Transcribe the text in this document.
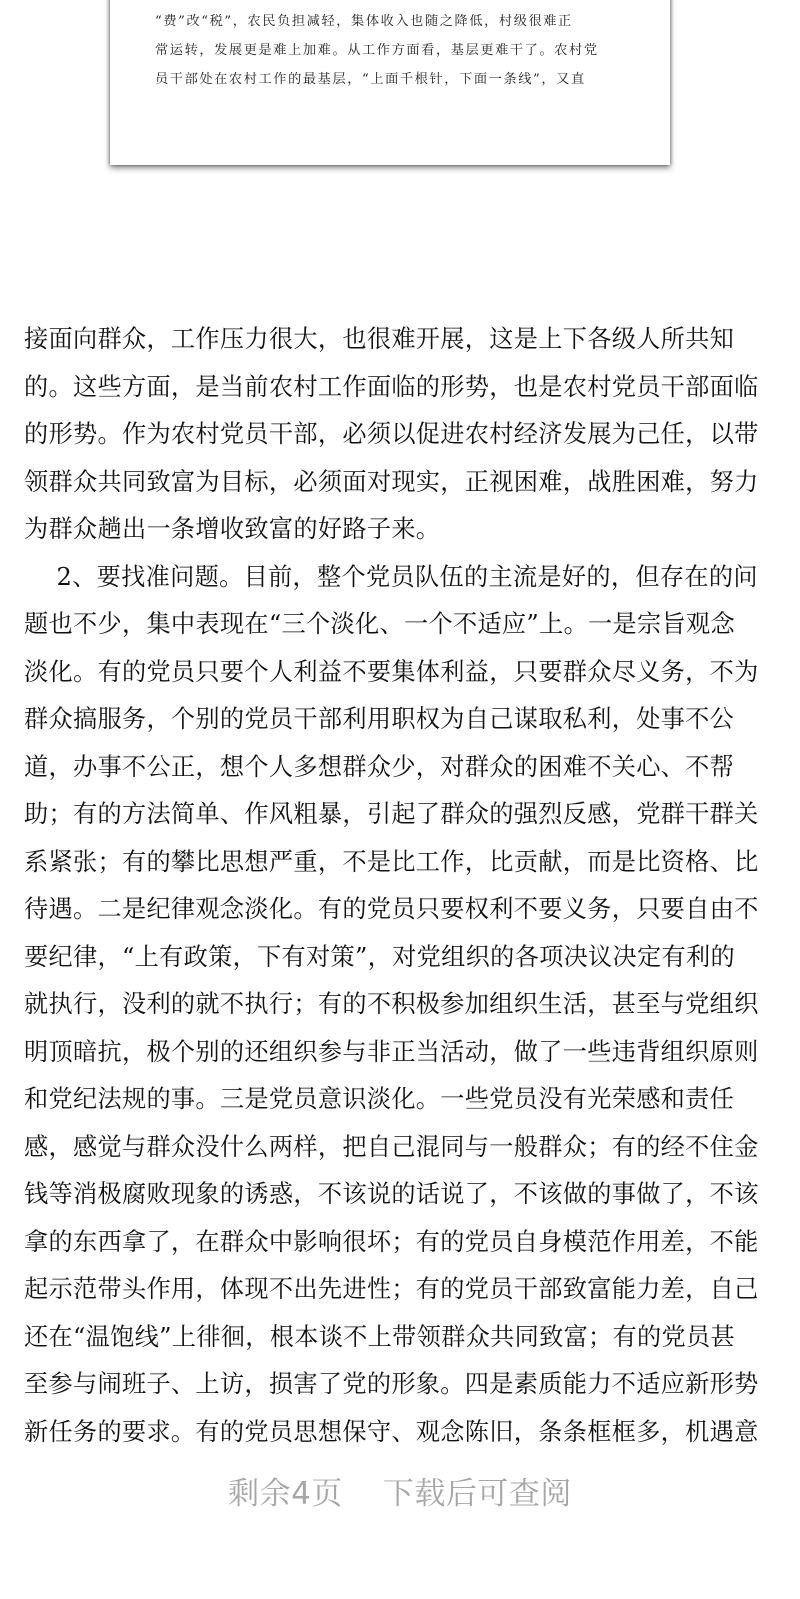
“费”改“税”，农民负担减轻，集体收入也随之降低，村级很难正
常运转，发展更是难上加难。从工作方面看，基层更难干了。农村党
员干部处在农村工作的最基层，“上面千根针，下面一条线”，又直
接面向群众，工作压力很大，也很难开展，这是上下各级人所共知
的。这些方面，是当前农村工作面临的形势，也是农村党员干部面临
的形势。作为农村党员干部，必须以促进农村经济发展为己任，以带
领群众共同致富为目标，必须面对现实，正视困难，战胜困难，努力
为群众趟出一条增收致富的好路子来。
　 2、要找准问题。目前，整个党员队伍的主流是好的，但存在的问
题也不少，集中表现在“三个淡化、一个不适应”上。一是宗旨观念
淡化。有的党员只要个人利益不要集体利益，只要群众尽义务，不为
群众搞服务，个别的党员干部利用职权为自己谋取私利，处事不公
道，办事不公正，想个人多想群众少，对群众的困难不关心、不帮
助；有的方法简单、作风粗暴，引起了群众的强烈反感，党群干群关
系紧张；有的攀比思想严重，不是比工作，比贡献，而是比资格、比
待遇。二是纪律观念淡化。有的党员只要权利不要义务，只要自由不
要纪律，“上有政策，下有对策”，对党组织的各项决议决定有利的
就执行，没利的就不执行；有的不积极参加组织生活，甚至与党组织
明顶暗抗，极个别的还组织参与非正当活动，做了一些违背组织原则
和党纪法规的事。三是党员意识淡化。一些党员没有光荣感和责任
感，感觉与群众没什么两样，把自己混同与一般群众；有的经不住金
钱等消极腐败现象的诱惑，不该说的话说了，不该做的事做了，不该
拿的东西拿了，在群众中影响很坏；有的党员自身模范作用差，不能
起示范带头作用，体现不出先进性；有的党员干部致富能力差，自己
还在“温饱线”上徘徊，根本谈不上带领群众共同致富；有的党员甚
至参与闹班子、上访，损害了党的形象。四是素质能力不适应新形势
新任务的要求。有的党员思想保守、观念陈旧，条条框框多，机遇意
剩余4页 下载后可查阅
